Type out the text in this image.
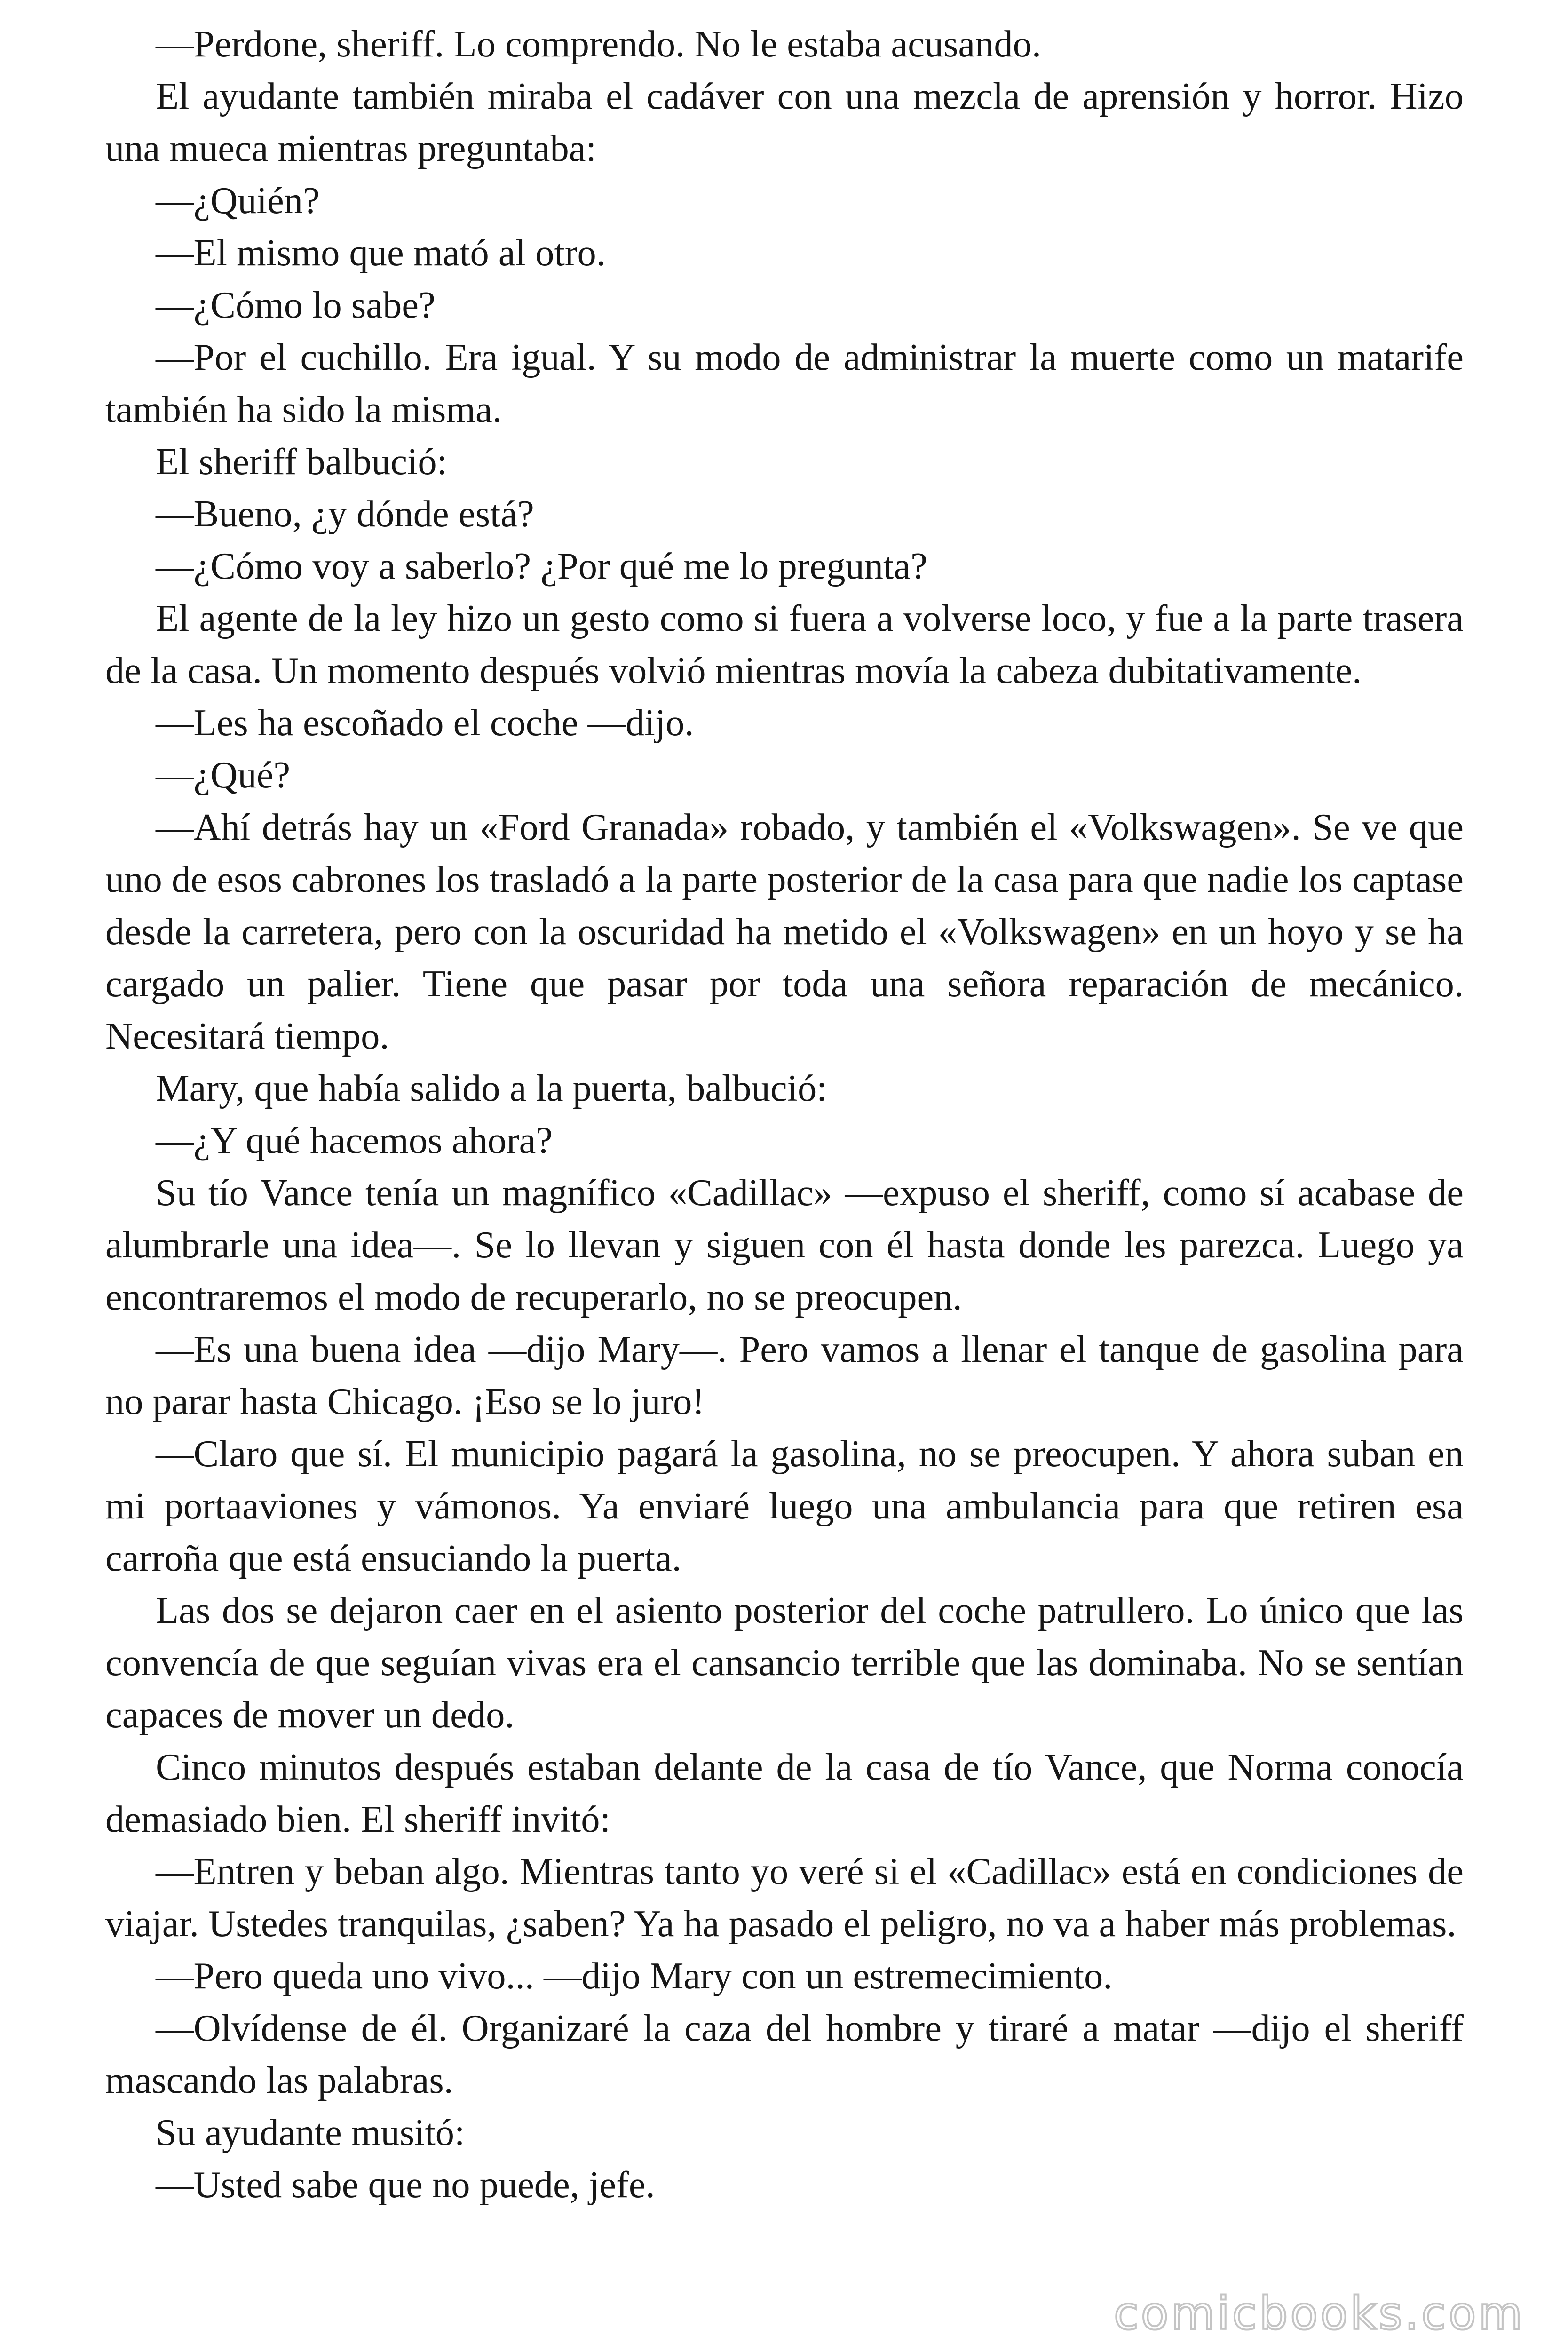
—Perdone, sheriff. Lo comprendo. No le estaba acusando.

El ayudante también miraba el cadáver con una mezcla de aprensión y horror. Hizo una mueca mientras preguntaba:

—¿Quién?

—El mismo que mató al otro.

—¿Cómo lo sabe?

—Por el cuchillo. Era igual. Y su modo de administrar la muerte como un matarife también ha sido la misma.

El sheriff balbució:

—Bueno, ¿y dónde está?

—¿Cómo voy a saberlo? ¿Por qué me lo pregunta?

El agente de la ley hizo un gesto como si fuera a volverse loco, y fue a la parte trasera de la casa. Un momento después volvió mientras movía la cabeza dubitativamente.

—Les ha escoñado el coche —dijo.

—¿Qué?

—Ahí detrás hay un «Ford Granada» robado, y también el «Volkswagen». Se ve que uno de esos cabrones los trasladó a la parte posterior de la casa para que nadie los captase desde la carretera, pero con la oscuridad ha metido el «Volkswagen» en un hoyo y se ha cargado un palier. Tiene que pasar por toda una señora reparación de mecánico. Necesitará tiempo.

Mary, que había salido a la puerta, balbució:

—¿Y qué hacemos ahora?

Su tío Vance tenía un magnífico «Cadillac» —expuso el sheriff, como sí acabase de alumbrarle una idea—. Se lo llevan y siguen con él hasta donde les parezca. Luego ya encontraremos el modo de recuperarlo, no se preocupen.

—Es una buena idea —dijo Mary—. Pero vamos a llenar el tanque de gasolina para no parar hasta Chicago. ¡Eso se lo juro!

—Claro que sí. El municipio pagará la gasolina, no se preocupen. Y ahora suban en mi portaaviones y vámonos. Ya enviaré luego una ambulancia para que retiren esa carroña que está ensuciando la puerta.

Las dos se dejaron caer en el asiento posterior del coche patrullero. Lo único que las convencía de que seguían vivas era el cansancio terrible que las dominaba. No se sentían capaces de mover un dedo.

Cinco minutos después estaban delante de la casa de tío Vance, que Norma conocía demasiado bien. El sheriff invitó:

—Entren y beban algo. Mientras tanto yo veré si el «Cadillac» está en condiciones de viajar. Ustedes tranquilas, ¿saben? Ya ha pasado el peligro, no va a haber más problemas.

—Pero queda uno vivo... —dijo Mary con un estremecimiento.

—Olvídense de él. Organizaré la caza del hombre y tiraré a matar —dijo el sheriff mascando las palabras.

Su ayudante musitó:

—Usted sabe que no puede, jefe.

comicbooks.com
